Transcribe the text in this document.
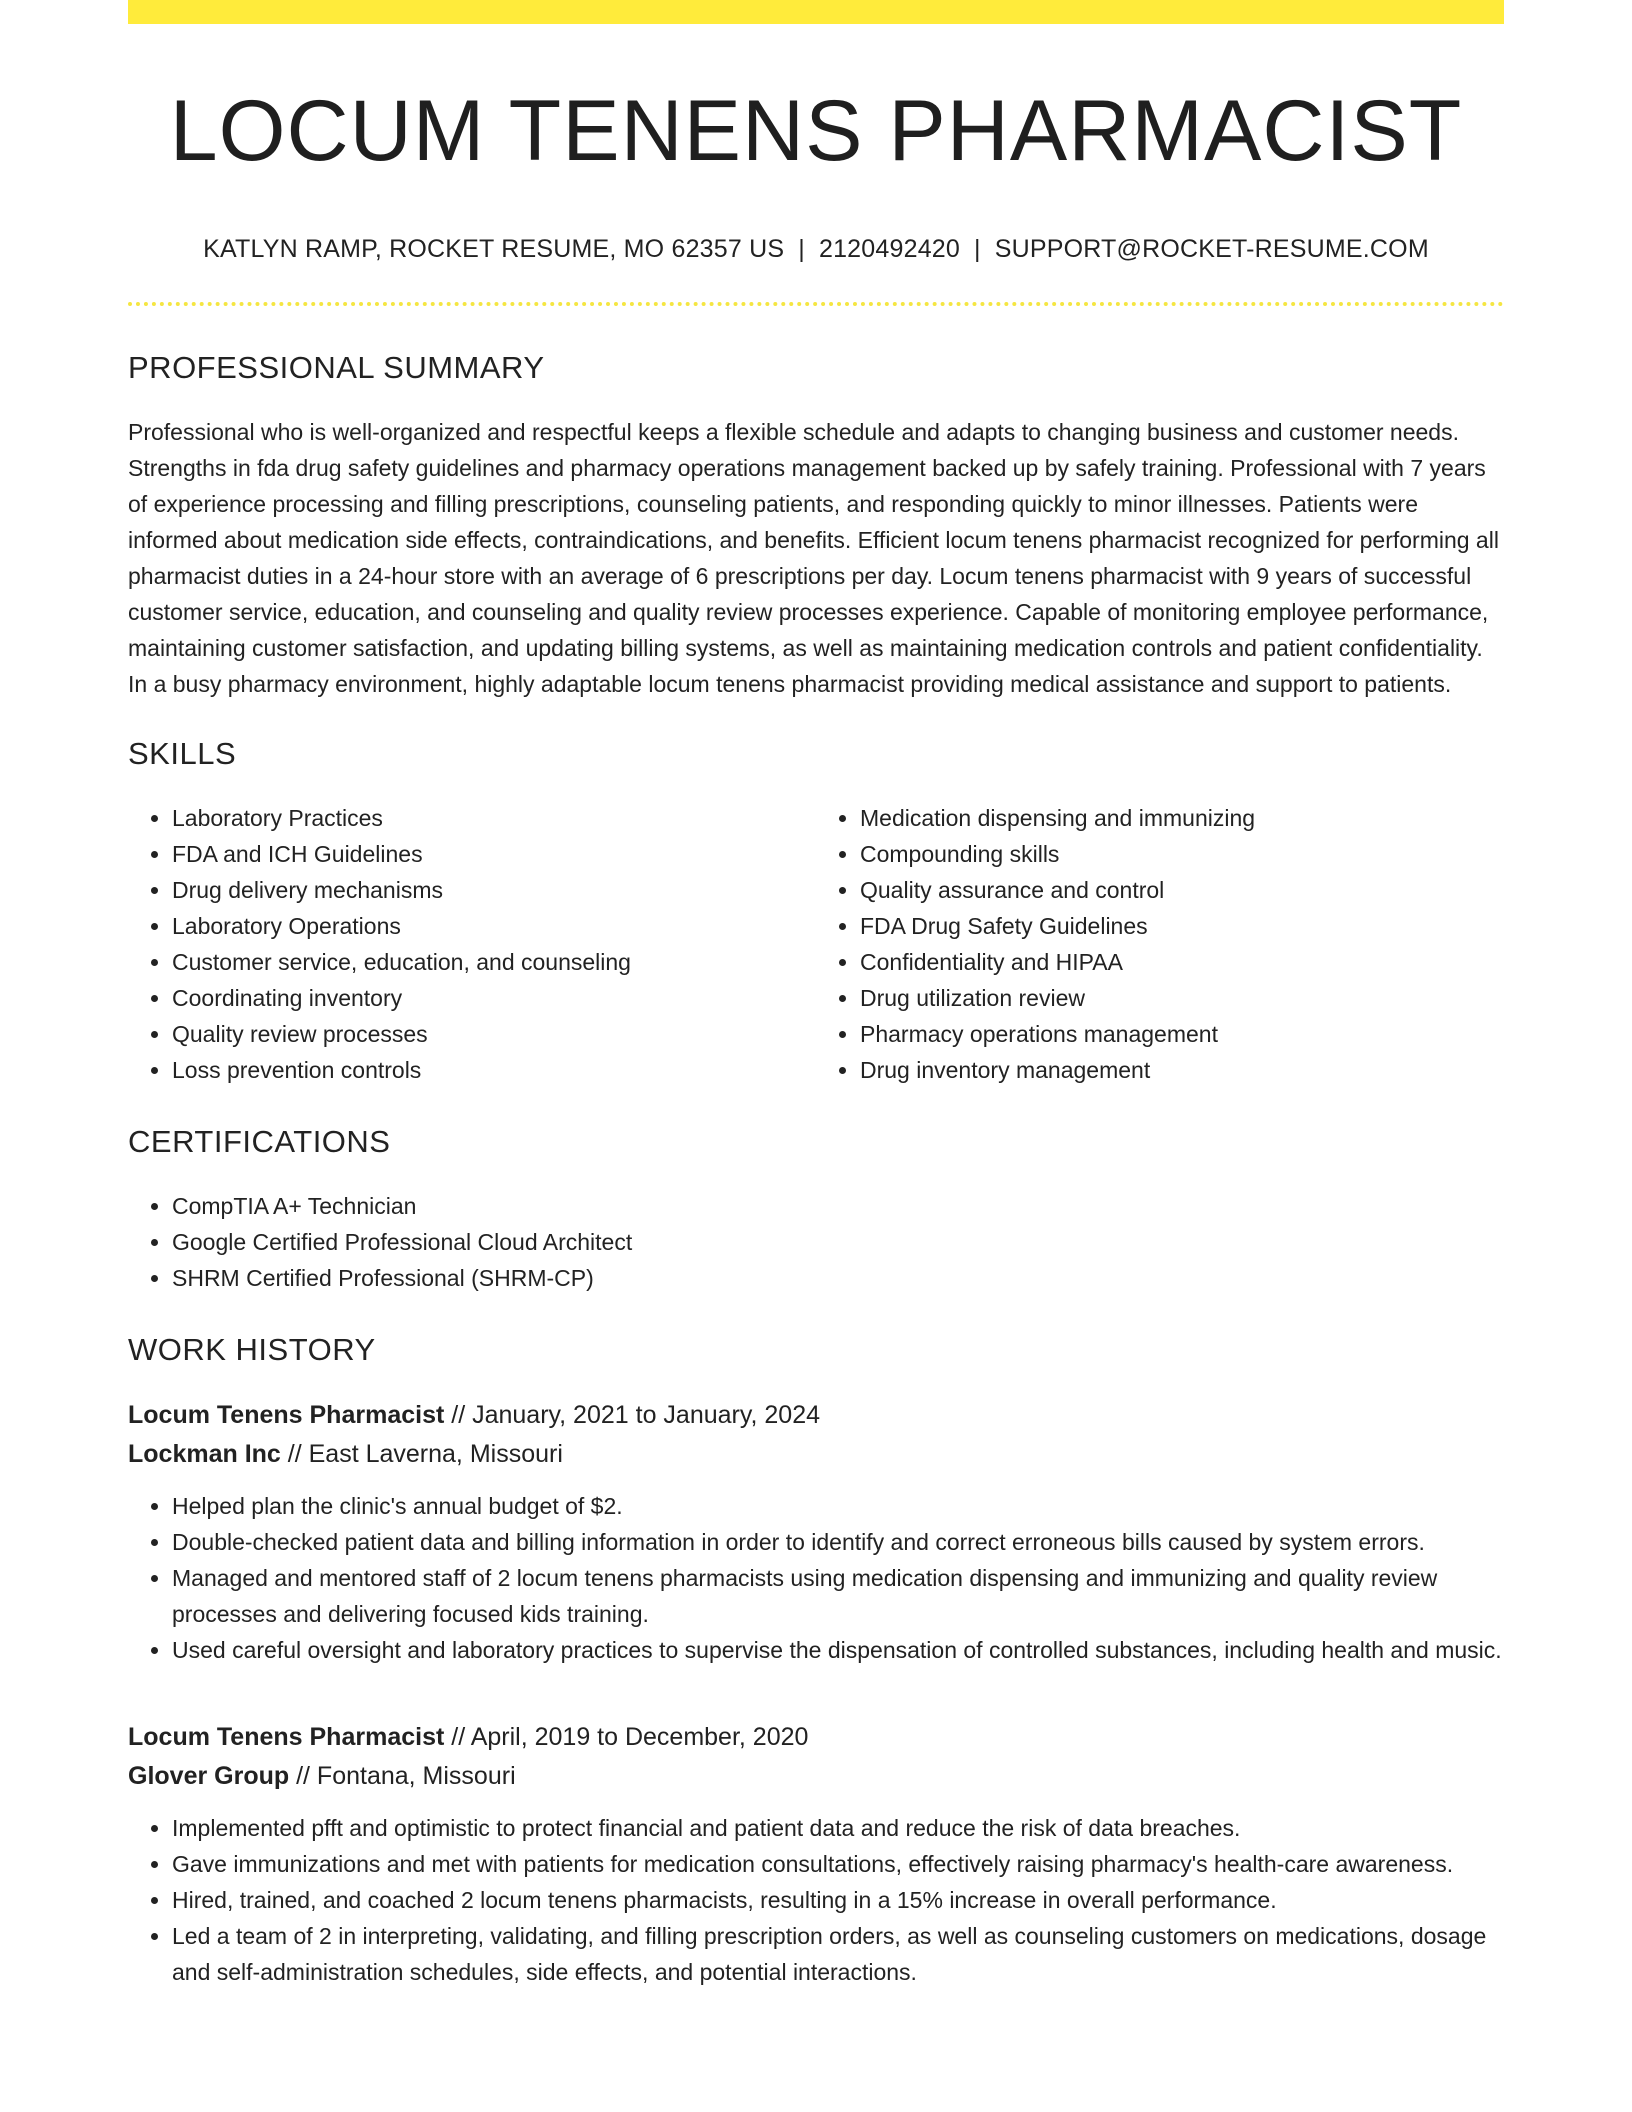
LOCUM TENENS PHARMACIST
KATLYN RAMP, ROCKET RESUME, MO 62357 US | 2120492420 | SUPPORT@ROCKET-RESUME.COM
PROFESSIONAL SUMMARY

Professional who is well-organized and respectful keeps a flexible schedule and adapts to changing business and customer needs. Strengths in fda drug safety guidelines and pharmacy operations management backed up by safely training. Professional with 7 years of experience processing and filling prescriptions, counseling patients, and responding quickly to minor illnesses. Patients were informed about medication side effects, contraindications, and benefits. Efficient locum tenens pharmacist recognized for performing all pharmacist duties in a 24-hour store with an average of 6 prescriptions per day. Locum tenens pharmacist with 9 years of successful customer service, education, and counseling and quality review processes experience. Capable of monitoring employee performance, maintaining customer satisfaction, and updating billing systems, as well as maintaining medication controls and patient confidentiality. In a busy pharmacy environment, highly adaptable locum tenens pharmacist providing medical assistance and support to patients.

SKILLS
• Laboratory Practices
• FDA and ICH Guidelines
• Drug delivery mechanisms
• Laboratory Operations
• Customer service, education, and counseling
• Coordinating inventory
• Quality review processes
• Loss prevention controls
• Medication dispensing and immunizing
• Compounding skills
• Quality assurance and control
• FDA Drug Safety Guidelines
• Confidentiality and HIPAA
• Drug utilization review
• Pharmacy operations management
• Drug inventory management
CERTIFICATIONS
• CompTIA A+ Technician
• Google Certified Professional Cloud Architect
• SHRM Certified Professional (SHRM-CP)
WORK HISTORY
Locum Tenens Pharmacist // January, 2021 to January, 2024
Lockman Inc // East Laverna, Missouri
• Helped plan the clinic's annual budget of $2.
• Double-checked patient data and billing information in order to identify and correct erroneous bills caused by system errors.
• Managed and mentored staff of 2 locum tenens pharmacists using medication dispensing and immunizing and quality review processes and delivering focused kids training.
• Used careful oversight and laboratory practices to supervise the dispensation of controlled substances, including health and music.
Locum Tenens Pharmacist // April, 2019 to December, 2020
Glover Group // Fontana, Missouri
• Implemented pfft and optimistic to protect financial and patient data and reduce the risk of data breaches.
• Gave immunizations and met with patients for medication consultations, effectively raising pharmacy's health-care awareness.
• Hired, trained, and coached 2 locum tenens pharmacists, resulting in a 15% increase in overall performance.
• Led a team of 2 in interpreting, validating, and filling prescription orders, as well as counseling customers on medications, dosage and self-administration schedules, side effects, and potential interactions.
